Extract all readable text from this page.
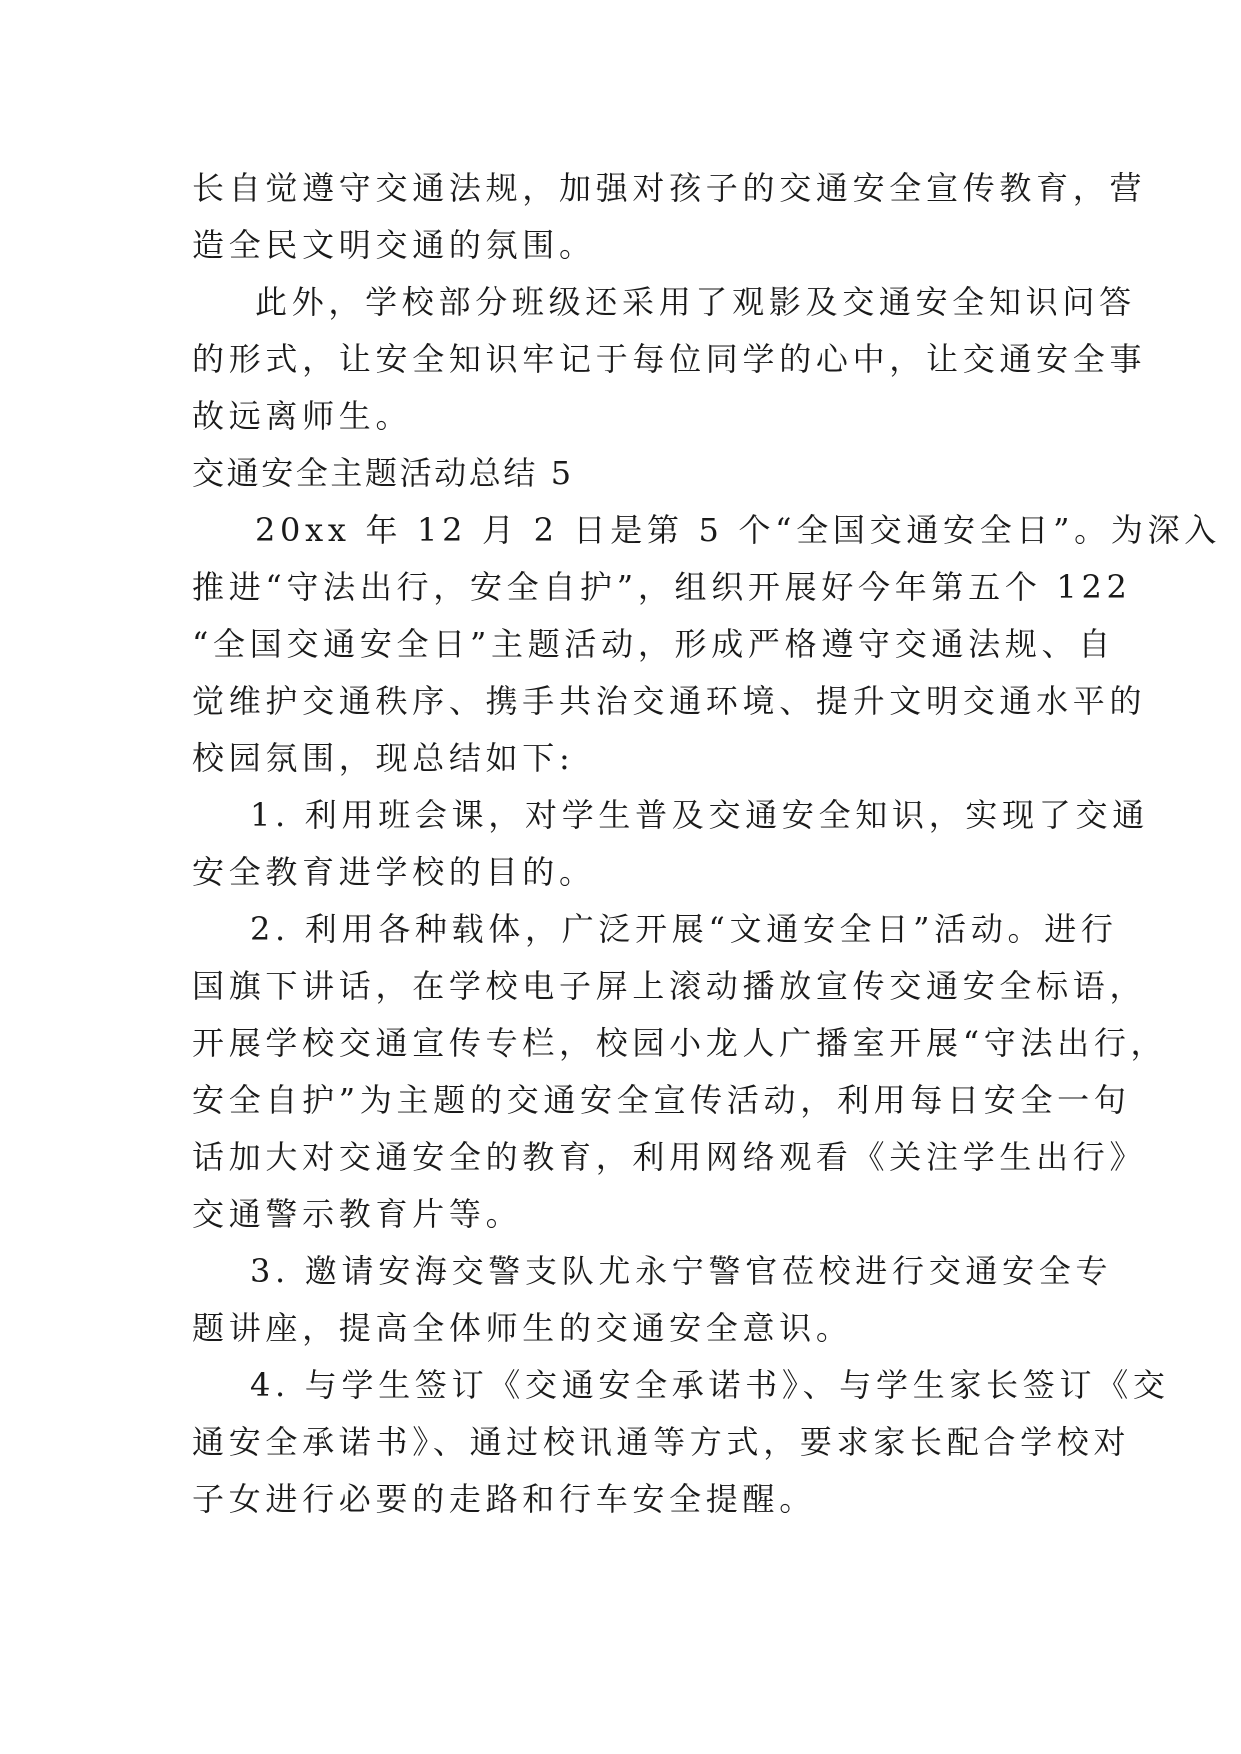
长自觉遵守交通法规，加强对孩子的交通安全宣传教育，营
造全民文明交通的氛围。
此外，学校部分班级还采用了观影及交通安全知识问答
的形式，让安全知识牢记于每位同学的心中，让交通安全事
故远离师生。
交通安全主题活动总结 5
20xx 年 12 月 2 日是第 5 个“全国交通安全日”。为深入
推进“守法出行，安全自护”，组织开展好今年第五个 122
“全国交通安全日”主题活动，形成严格遵守交通法规、自
觉维护交通秩序、携手共治交通环境、提升文明交通水平的
校园氛围，现总结如下:
1. 利用班会课，对学生普及交通安全知识，实现了交通
安全教育进学校的目的。
2. 利用各种载体，广泛开展“文通安全日”活动。进行
国旗下讲话，在学校电子屏上滚动播放宣传交通安全标语，
开展学校交通宣传专栏，校园小龙人广播室开展“守法出行，
安全自护”为主题的交通安全宣传活动，利用每日安全一句
话加大对交通安全的教育，利用网络观看《关注学生出行》
交通警示教育片等。
3. 邀请安海交警支队尤永宁警官莅校进行交通安全专
题讲座，提高全体师生的交通安全意识。
4. 与学生签订《交通安全承诺书》、与学生家长签订《交
通安全承诺书》、通过校讯通等方式，要求家长配合学校对
子女进行必要的走路和行车安全提醒。
